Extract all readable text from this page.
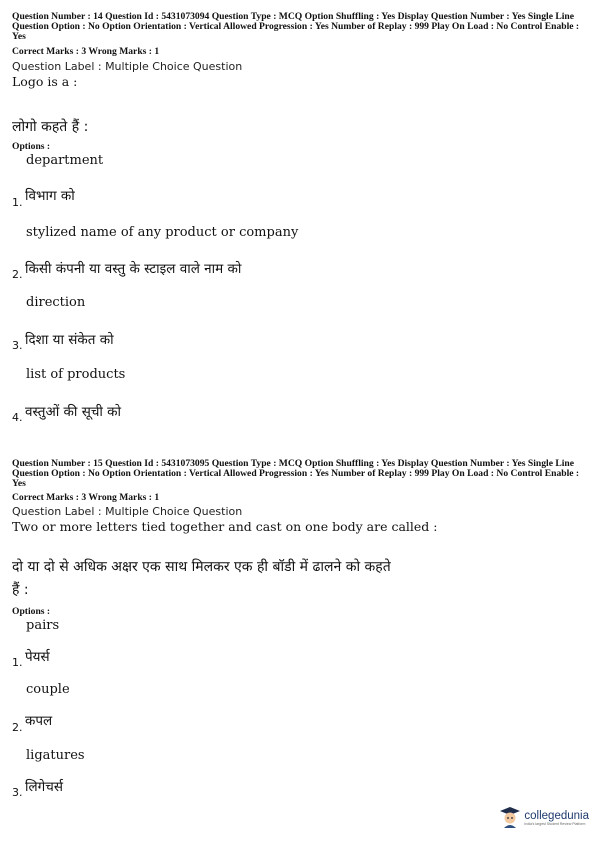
Question Number : 14 Question Id : 5431073094 Question Type : MCQ Option Shuffling : Yes Display Question Number : Yes Single Line Question Option : No Option Orientation : Vertical Allowed Progression : Yes Number of Replay : 999 Play On Load : No Control Enable : Yes
Correct Marks : 3 Wrong Marks : 1
Question Label : Multiple Choice Question
Logo is a :
लोगो कहते हैं :
Options :
department
1. विभाग को
stylized name of any product or company
2. किसी कंपनी या वस्तु के स्टाइल वाले नाम को
direction
3. दिशा या संकेत को
list of products
4. वस्तुओं की सूची को
Question Number : 15 Question Id : 5431073095 Question Type : MCQ Option Shuffling : Yes Display Question Number : Yes Single Line Question Option : No Option Orientation : Vertical Allowed Progression : Yes Number of Replay : 999 Play On Load : No Control Enable : Yes
Correct Marks : 3 Wrong Marks : 1
Question Label : Multiple Choice Question
Two or more letters tied together and cast on one body are called :
दो या दो से अधिक अक्षर एक साथ मिलकर एक ही बॉडी में ढालने को कहते
हैं :
Options :
pairs
1. पेयर्स
couple
2. कपल
ligatures
3. लिगेचर्स
collegedunia
India's largest Student Review Platform
